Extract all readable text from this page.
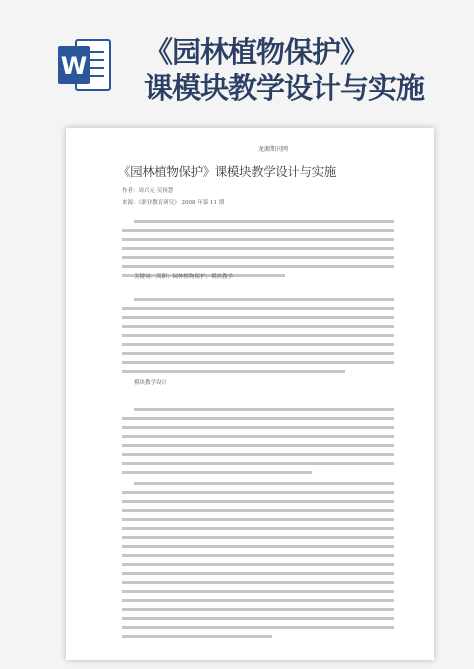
W 《园林植物保护》
课模块教学设计与实施
龙源期刊网
《园林植物保护》课模块教学设计与实施
作者：周兴元 吴扬慧
来源：《职业教育研究》 2008 年第 11 期
关键词：高职；园林植物保护；模块教学
模块教学设计
